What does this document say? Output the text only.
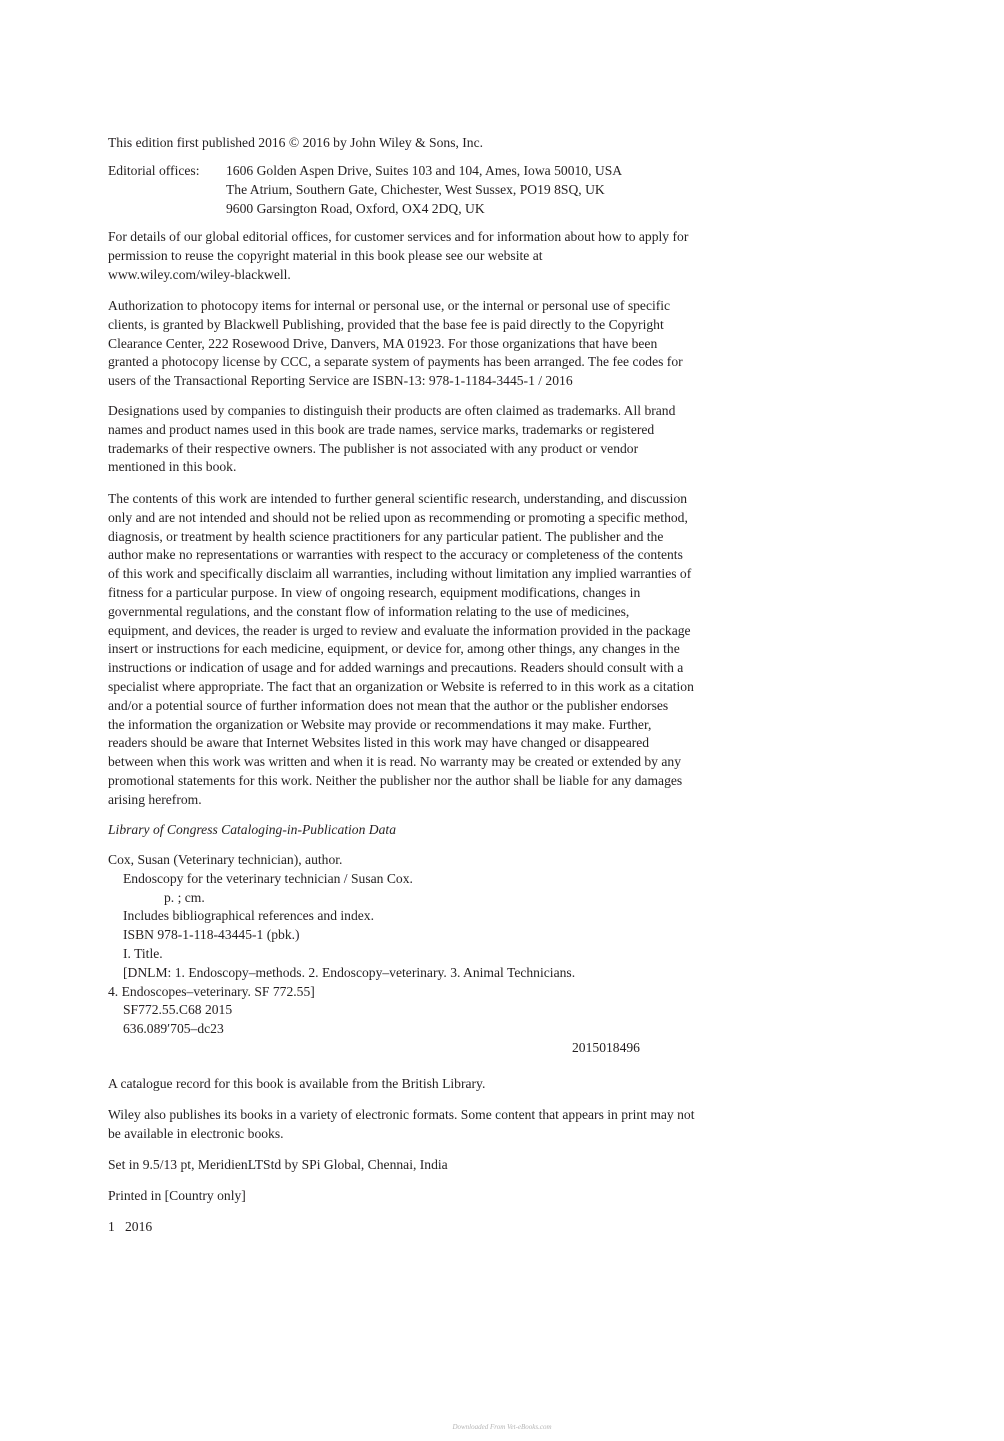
This edition first published 2016 © 2016 by John Wiley & Sons, Inc.

Editorial offices: 1606 Golden Aspen Drive, Suites 103 and 104, Ames, Iowa 50010, USA
The Atrium, Southern Gate, Chichester, West Sussex, PO19 8SQ, UK
9600 Garsington Road, Oxford, OX4 2DQ, UK
For details of our global editorial offices, for customer services and for information about how to apply for
permission to reuse the copyright material in this book please see our website at
www.wiley.com/wiley-blackwell.
Authorization to photocopy items for internal or personal use, or the internal or personal use of specific
clients, is granted by Blackwell Publishing, provided that the base fee is paid directly to the Copyright
Clearance Center, 222 Rosewood Drive, Danvers, MA 01923. For those organizations that have been
granted a photocopy license by CCC, a separate system of payments has been arranged. The fee codes for
users of the Transactional Reporting Service are ISBN-13: 978-1-1184-3445-1 / 2016
Designations used by companies to distinguish their products are often claimed as trademarks. All brand
names and product names used in this book are trade names, service marks, trademarks or registered
trademarks of their respective owners. The publisher is not associated with any product or vendor
mentioned in this book.
The contents of this work are intended to further general scientific research, understanding, and discussion
only and are not intended and should not be relied upon as recommending or promoting a specific method,
diagnosis, or treatment by health science practitioners for any particular patient. The publisher and the
author make no representations or warranties with respect to the accuracy or completeness of the contents
of this work and specifically disclaim all warranties, including without limitation any implied warranties of
fitness for a particular purpose. In view of ongoing research, equipment modifications, changes in
governmental regulations, and the constant flow of information relating to the use of medicines,
equipment, and devices, the reader is urged to review and evaluate the information provided in the package
insert or instructions for each medicine, equipment, or device for, among other things, any changes in the
instructions or indication of usage and for added warnings and precautions. Readers should consult with a
specialist where appropriate. The fact that an organization or Website is referred to in this work as a citation
and/or a potential source of further information does not mean that the author or the publisher endorses
the information the organization or Website may provide or recommendations it may make. Further,
readers should be aware that Internet Websites listed in this work may have changed or disappeared
between when this work was written and when it is read. No warranty may be created or extended by any
promotional statements for this work. Neither the publisher nor the author shall be liable for any damages
arising herefrom.
Library of Congress Cataloging-in-Publication Data
Cox, Susan (Veterinary technician), author.
Endoscopy for the veterinary technician / Susan Cox.
p. ; cm.
Includes bibliographical references and index.
ISBN 978-1-118-43445-1 (pbk.)
I. Title.
[DNLM: 1. Endoscopy–methods. 2. Endoscopy–veterinary. 3. Animal Technicians.
4. Endoscopes–veterinary. SF 772.55]
SF772.55.C68 2015
636.089′705–dc23
2015018496
A catalogue record for this book is available from the British Library.
Wiley also publishes its books in a variety of electronic formats. Some content that appears in print may not
be available in electronic books.
Set in 9.5/13 pt, MeridienLTStd by SPi Global, Chennai, India
Printed in [Country only]
1   2016
Downloaded From Vet-eBooks.com
